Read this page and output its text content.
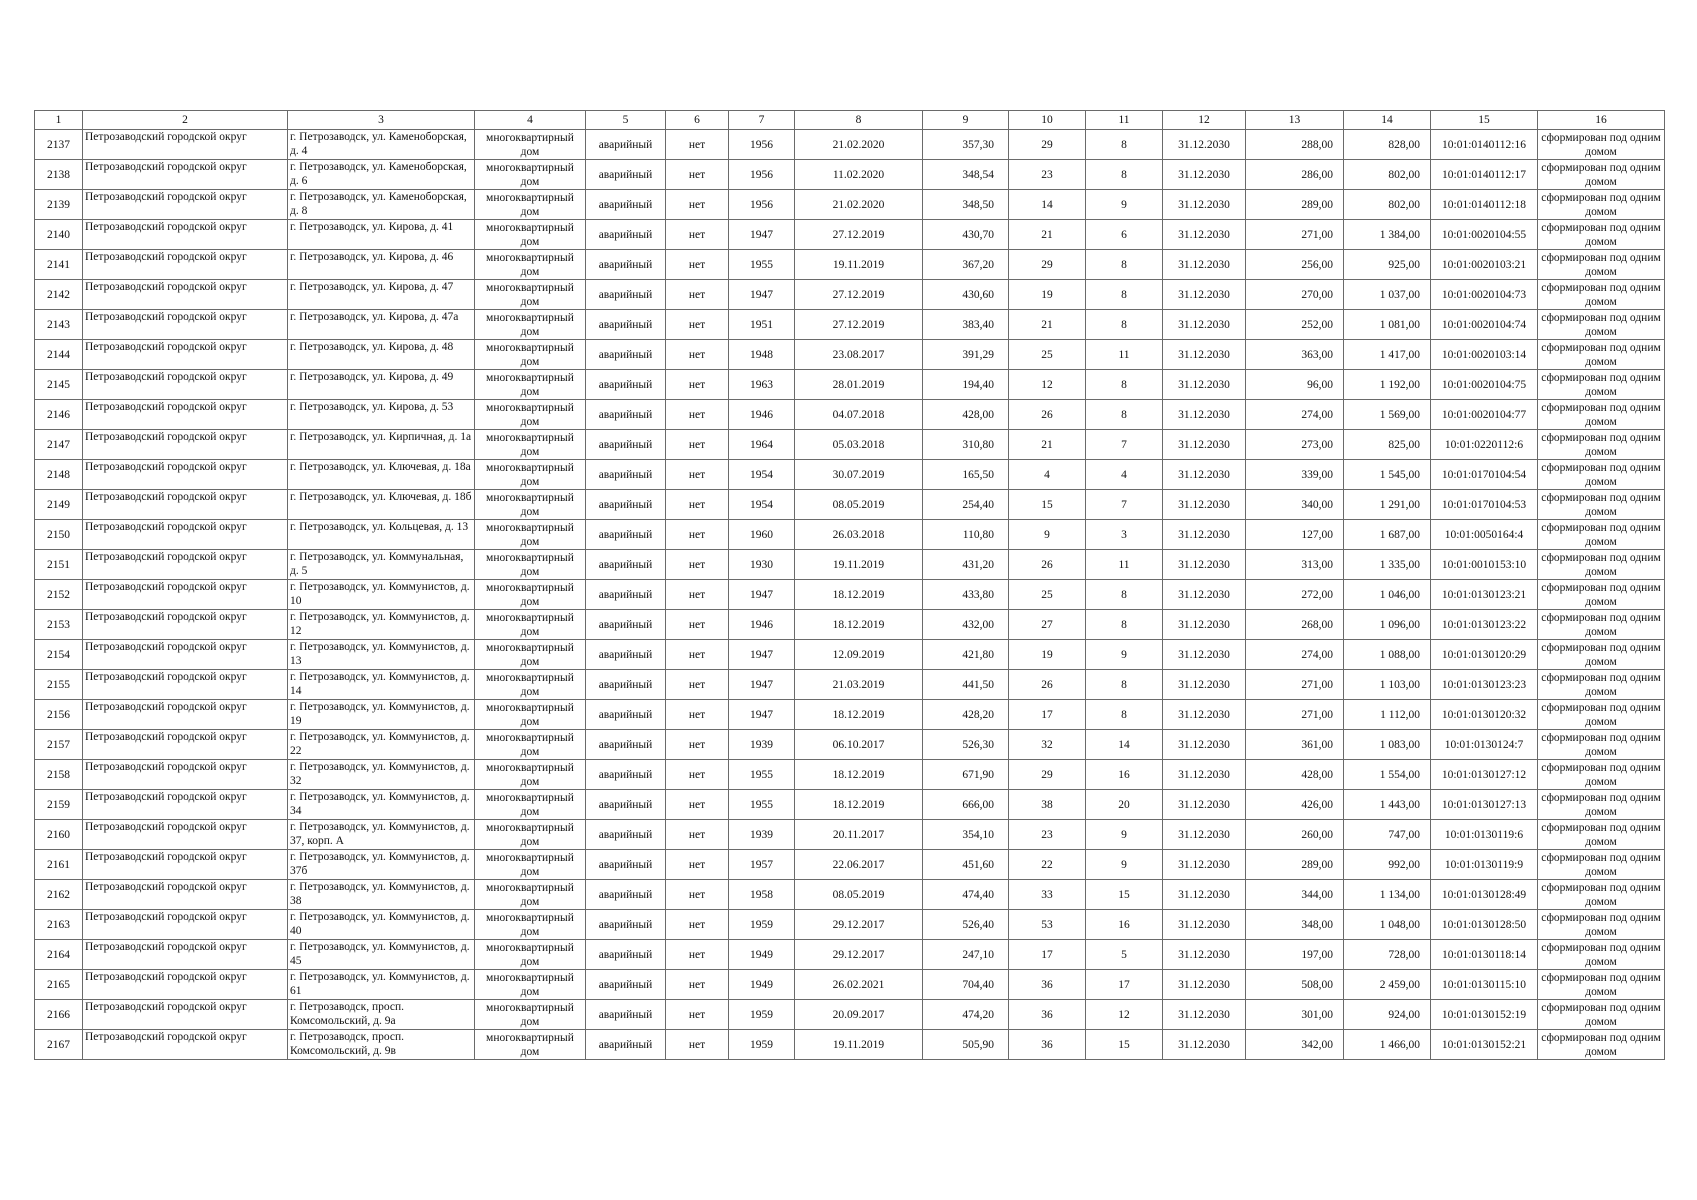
1	2	3	4	5	6	7	8	9	10	11	12	13	14	15	16
2137	Петрозаводский городской округ	г. Петрозаводск, ул. Каменоборская, д. 4	многоквартирный дом	аварийный	нет	1956	21.02.2020	357,30	29	8	31.12.2030	288,00	828,00	10:01:0140112:16	сформирован под одним домом
2138	Петрозаводский городской округ	г. Петрозаводск, ул. Каменоборская, д. 6	многоквартирный дом	аварийный	нет	1956	11.02.2020	348,54	23	8	31.12.2030	286,00	802,00	10:01:0140112:17	сформирован под одним домом
2139	Петрозаводский городской округ	г. Петрозаводск, ул. Каменоборская, д. 8	многоквартирный дом	аварийный	нет	1956	21.02.2020	348,50	14	9	31.12.2030	289,00	802,00	10:01:0140112:18	сформирован под одним домом
2140	Петрозаводский городской округ	г. Петрозаводск, ул. Кирова, д. 41	многоквартирный дом	аварийный	нет	1947	27.12.2019	430,70	21	6	31.12.2030	271,00	1 384,00	10:01:0020104:55	сформирован под одним домом
2141	Петрозаводский городской округ	г. Петрозаводск, ул. Кирова, д. 46	многоквартирный дом	аварийный	нет	1955	19.11.2019	367,20	29	8	31.12.2030	256,00	925,00	10:01:0020103:21	сформирован под одним домом
2142	Петрозаводский городской округ	г. Петрозаводск, ул. Кирова, д. 47	многоквартирный дом	аварийный	нет	1947	27.12.2019	430,60	19	8	31.12.2030	270,00	1 037,00	10:01:0020104:73	сформирован под одним домом
2143	Петрозаводский городской округ	г. Петрозаводск, ул. Кирова, д. 47а	многоквартирный дом	аварийный	нет	1951	27.12.2019	383,40	21	8	31.12.2030	252,00	1 081,00	10:01:0020104:74	сформирован под одним домом
2144	Петрозаводский городской округ	г. Петрозаводск, ул. Кирова, д. 48	многоквартирный дом	аварийный	нет	1948	23.08.2017	391,29	25	11	31.12.2030	363,00	1 417,00	10:01:0020103:14	сформирован под одним домом
2145	Петрозаводский городской округ	г. Петрозаводск, ул. Кирова, д. 49	многоквартирный дом	аварийный	нет	1963	28.01.2019	194,40	12	8	31.12.2030	96,00	1 192,00	10:01:0020104:75	сформирован под одним домом
2146	Петрозаводский городской округ	г. Петрозаводск, ул. Кирова, д. 53	многоквартирный дом	аварийный	нет	1946	04.07.2018	428,00	26	8	31.12.2030	274,00	1 569,00	10:01:0020104:77	сформирован под одним домом
2147	Петрозаводский городской округ	г. Петрозаводск, ул. Кирпичная, д. 1а	многоквартирный дом	аварийный	нет	1964	05.03.2018	310,80	21	7	31.12.2030	273,00	825,00	10:01:0220112:6	сформирован под одним домом
2148	Петрозаводский городской округ	г. Петрозаводск, ул. Ключевая, д. 18а	многоквартирный дом	аварийный	нет	1954	30.07.2019	165,50	4	4	31.12.2030	339,00	1 545,00	10:01:0170104:54	сформирован под одним домом
2149	Петрозаводский городской округ	г. Петрозаводск, ул. Ключевая, д. 18б	многоквартирный дом	аварийный	нет	1954	08.05.2019	254,40	15	7	31.12.2030	340,00	1 291,00	10:01:0170104:53	сформирован под одним домом
2150	Петрозаводский городской округ	г. Петрозаводск, ул. Кольцевая, д. 13	многоквартирный дом	аварийный	нет	1960	26.03.2018	110,80	9	3	31.12.2030	127,00	1 687,00	10:01:0050164:4	сформирован под одним домом
2151	Петрозаводский городской округ	г. Петрозаводск, ул. Коммунальная, д. 5	многоквартирный дом	аварийный	нет	1930	19.11.2019	431,20	26	11	31.12.2030	313,00	1 335,00	10:01:0010153:10	сформирован под одним домом
2152	Петрозаводский городской округ	г. Петрозаводск, ул. Коммунистов, д. 10	многоквартирный дом	аварийный	нет	1947	18.12.2019	433,80	25	8	31.12.2030	272,00	1 046,00	10:01:0130123:21	сформирован под одним домом
2153	Петрозаводский городской округ	г. Петрозаводск, ул. Коммунистов, д. 12	многоквартирный дом	аварийный	нет	1946	18.12.2019	432,00	27	8	31.12.2030	268,00	1 096,00	10:01:0130123:22	сформирован под одним домом
2154	Петрозаводский городской округ	г. Петрозаводск, ул. Коммунистов, д. 13	многоквартирный дом	аварийный	нет	1947	12.09.2019	421,80	19	9	31.12.2030	274,00	1 088,00	10:01:0130120:29	сформирован под одним домом
2155	Петрозаводский городской округ	г. Петрозаводск, ул. Коммунистов, д. 14	многоквартирный дом	аварийный	нет	1947	21.03.2019	441,50	26	8	31.12.2030	271,00	1 103,00	10:01:0130123:23	сформирован под одним домом
2156	Петрозаводский городской округ	г. Петрозаводск, ул. Коммунистов, д. 19	многоквартирный дом	аварийный	нет	1947	18.12.2019	428,20	17	8	31.12.2030	271,00	1 112,00	10:01:0130120:32	сформирован под одним домом
2157	Петрозаводский городской округ	г. Петрозаводск, ул. Коммунистов, д. 22	многоквартирный дом	аварийный	нет	1939	06.10.2017	526,30	32	14	31.12.2030	361,00	1 083,00	10:01:0130124:7	сформирован под одним домом
2158	Петрозаводский городской округ	г. Петрозаводск, ул. Коммунистов, д. 32	многоквартирный дом	аварийный	нет	1955	18.12.2019	671,90	29	16	31.12.2030	428,00	1 554,00	10:01:0130127:12	сформирован под одним домом
2159	Петрозаводский городской округ	г. Петрозаводск, ул. Коммунистов, д. 34	многоквартирный дом	аварийный	нет	1955	18.12.2019	666,00	38	20	31.12.2030	426,00	1 443,00	10:01:0130127:13	сформирован под одним домом
2160	Петрозаводский городской округ	г. Петрозаводск, ул. Коммунистов, д. 37, корп. А	многоквартирный дом	аварийный	нет	1939	20.11.2017	354,10	23	9	31.12.2030	260,00	747,00	10:01:0130119:6	сформирован под одним домом
2161	Петрозаводский городской округ	г. Петрозаводск, ул. Коммунистов, д. 37б	многоквартирный дом	аварийный	нет	1957	22.06.2017	451,60	22	9	31.12.2030	289,00	992,00	10:01:0130119:9	сформирован под одним домом
2162	Петрозаводский городской округ	г. Петрозаводск, ул. Коммунистов, д. 38	многоквартирный дом	аварийный	нет	1958	08.05.2019	474,40	33	15	31.12.2030	344,00	1 134,00	10:01:0130128:49	сформирован под одним домом
2163	Петрозаводский городской округ	г. Петрозаводск, ул. Коммунистов, д. 40	многоквартирный дом	аварийный	нет	1959	29.12.2017	526,40	53	16	31.12.2030	348,00	1 048,00	10:01:0130128:50	сформирован под одним домом
2164	Петрозаводский городской округ	г. Петрозаводск, ул. Коммунистов, д. 45	многоквартирный дом	аварийный	нет	1949	29.12.2017	247,10	17	5	31.12.2030	197,00	728,00	10:01:0130118:14	сформирован под одним домом
2165	Петрозаводский городской округ	г. Петрозаводск, ул. Коммунистов, д. 61	многоквартирный дом	аварийный	нет	1949	26.02.2021	704,40	36	17	31.12.2030	508,00	2 459,00	10:01:0130115:10	сформирован под одним домом
2166	Петрозаводский городской округ	г. Петрозаводск, просп. Комсомольский, д. 9а	многоквартирный дом	аварийный	нет	1959	20.09.2017	474,20	36	12	31.12.2030	301,00	924,00	10:01:0130152:19	сформирован под одним домом
2167	Петрозаводский городской округ	г. Петрозаводск, просп. Комсомольский, д. 9в	многоквартирный дом	аварийный	нет	1959	19.11.2019	505,90	36	15	31.12.2030	342,00	1 466,00	10:01:0130152:21	сформирован под одним домом
